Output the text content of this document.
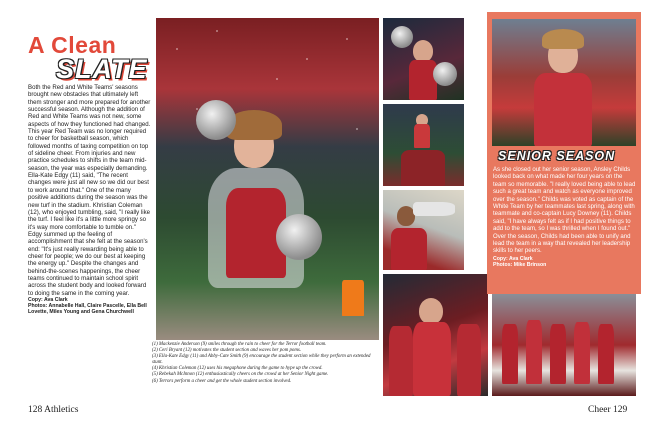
A Clean
SLATE
Both the Red and White Teams' seasons brought new obstacles that ultimately left them stronger and more prepared for another successful season. Although the addition of Red and White Teams was not new, some aspects of how they functioned had changed. This year Red Team was no longer required to cheer for basketball season, which followed months of taxing competition on top of sideline cheer. From injuries and new practice schedules to shifts in the team mid-season, the year was especially demanding. Ella-Kate Edgy (11) said, "The recent changes were just all new so we did our best to work around that." One of the many positive additions during the season was the new turf in the stadium. Khristian Coleman (12), who enjoyed tumbling, said, "I really like the turf. I feel like it's a little more springy so it's way more comfortable to tumble on." Edgy summed up the feeling of accomplishment that she felt at the season's end: "It's just really rewarding being able to cheer for people; we do our best at keeping the energy up." Despite the changes and behind-the-scenes happenings, the cheer teams continued to maintain school spirit across the student body and looked forward to doing the same in the coming year.
Copy: Ava Clark
Photos: Annabelle Hall, Claire Pascelle, Ella Bell Lovette, Miles Young and Gena Churchwell
SENIOR SEASON
As she closed out her senior season, Ansley Childs looked back on what made her four years on the team so memorable. "I really loved being able to lead such a great team and watch as everyone improved over the season." Childs was voted as captain of the White Team by her teammates last spring, along with teammate and co-captain Lucy Downey (11). Childs said, "I have always felt as if I had positive things to add to the team, so I was thrilled when I found out." Over the season, Childs had been able to unify and lead the team in a way that revealed her leadership skills to her peers.
Copy: Ava Clark
Photos: Mike Brinson

(1) Mackenzie Anderson (9) smiles through the rain to cheer for the Terror football team.

(2) Ceri Bryant (12) motivates the student section and waves her pom poms.

(3) Ella-Kate Edgy (11) and Abby-Cate Smith (9) encourage the student section while they perform an extended stunt.

(4) Khristian Coleman (12) uses his megaphone during the game to hype up the crowd.

(5) Rebekah McInnon (12) enthusiastically cheers on the crowd at her Senior Night game.

(6) Terrors perform a cheer and get the whole student section involved.

128 Athletics	Cheer 129
